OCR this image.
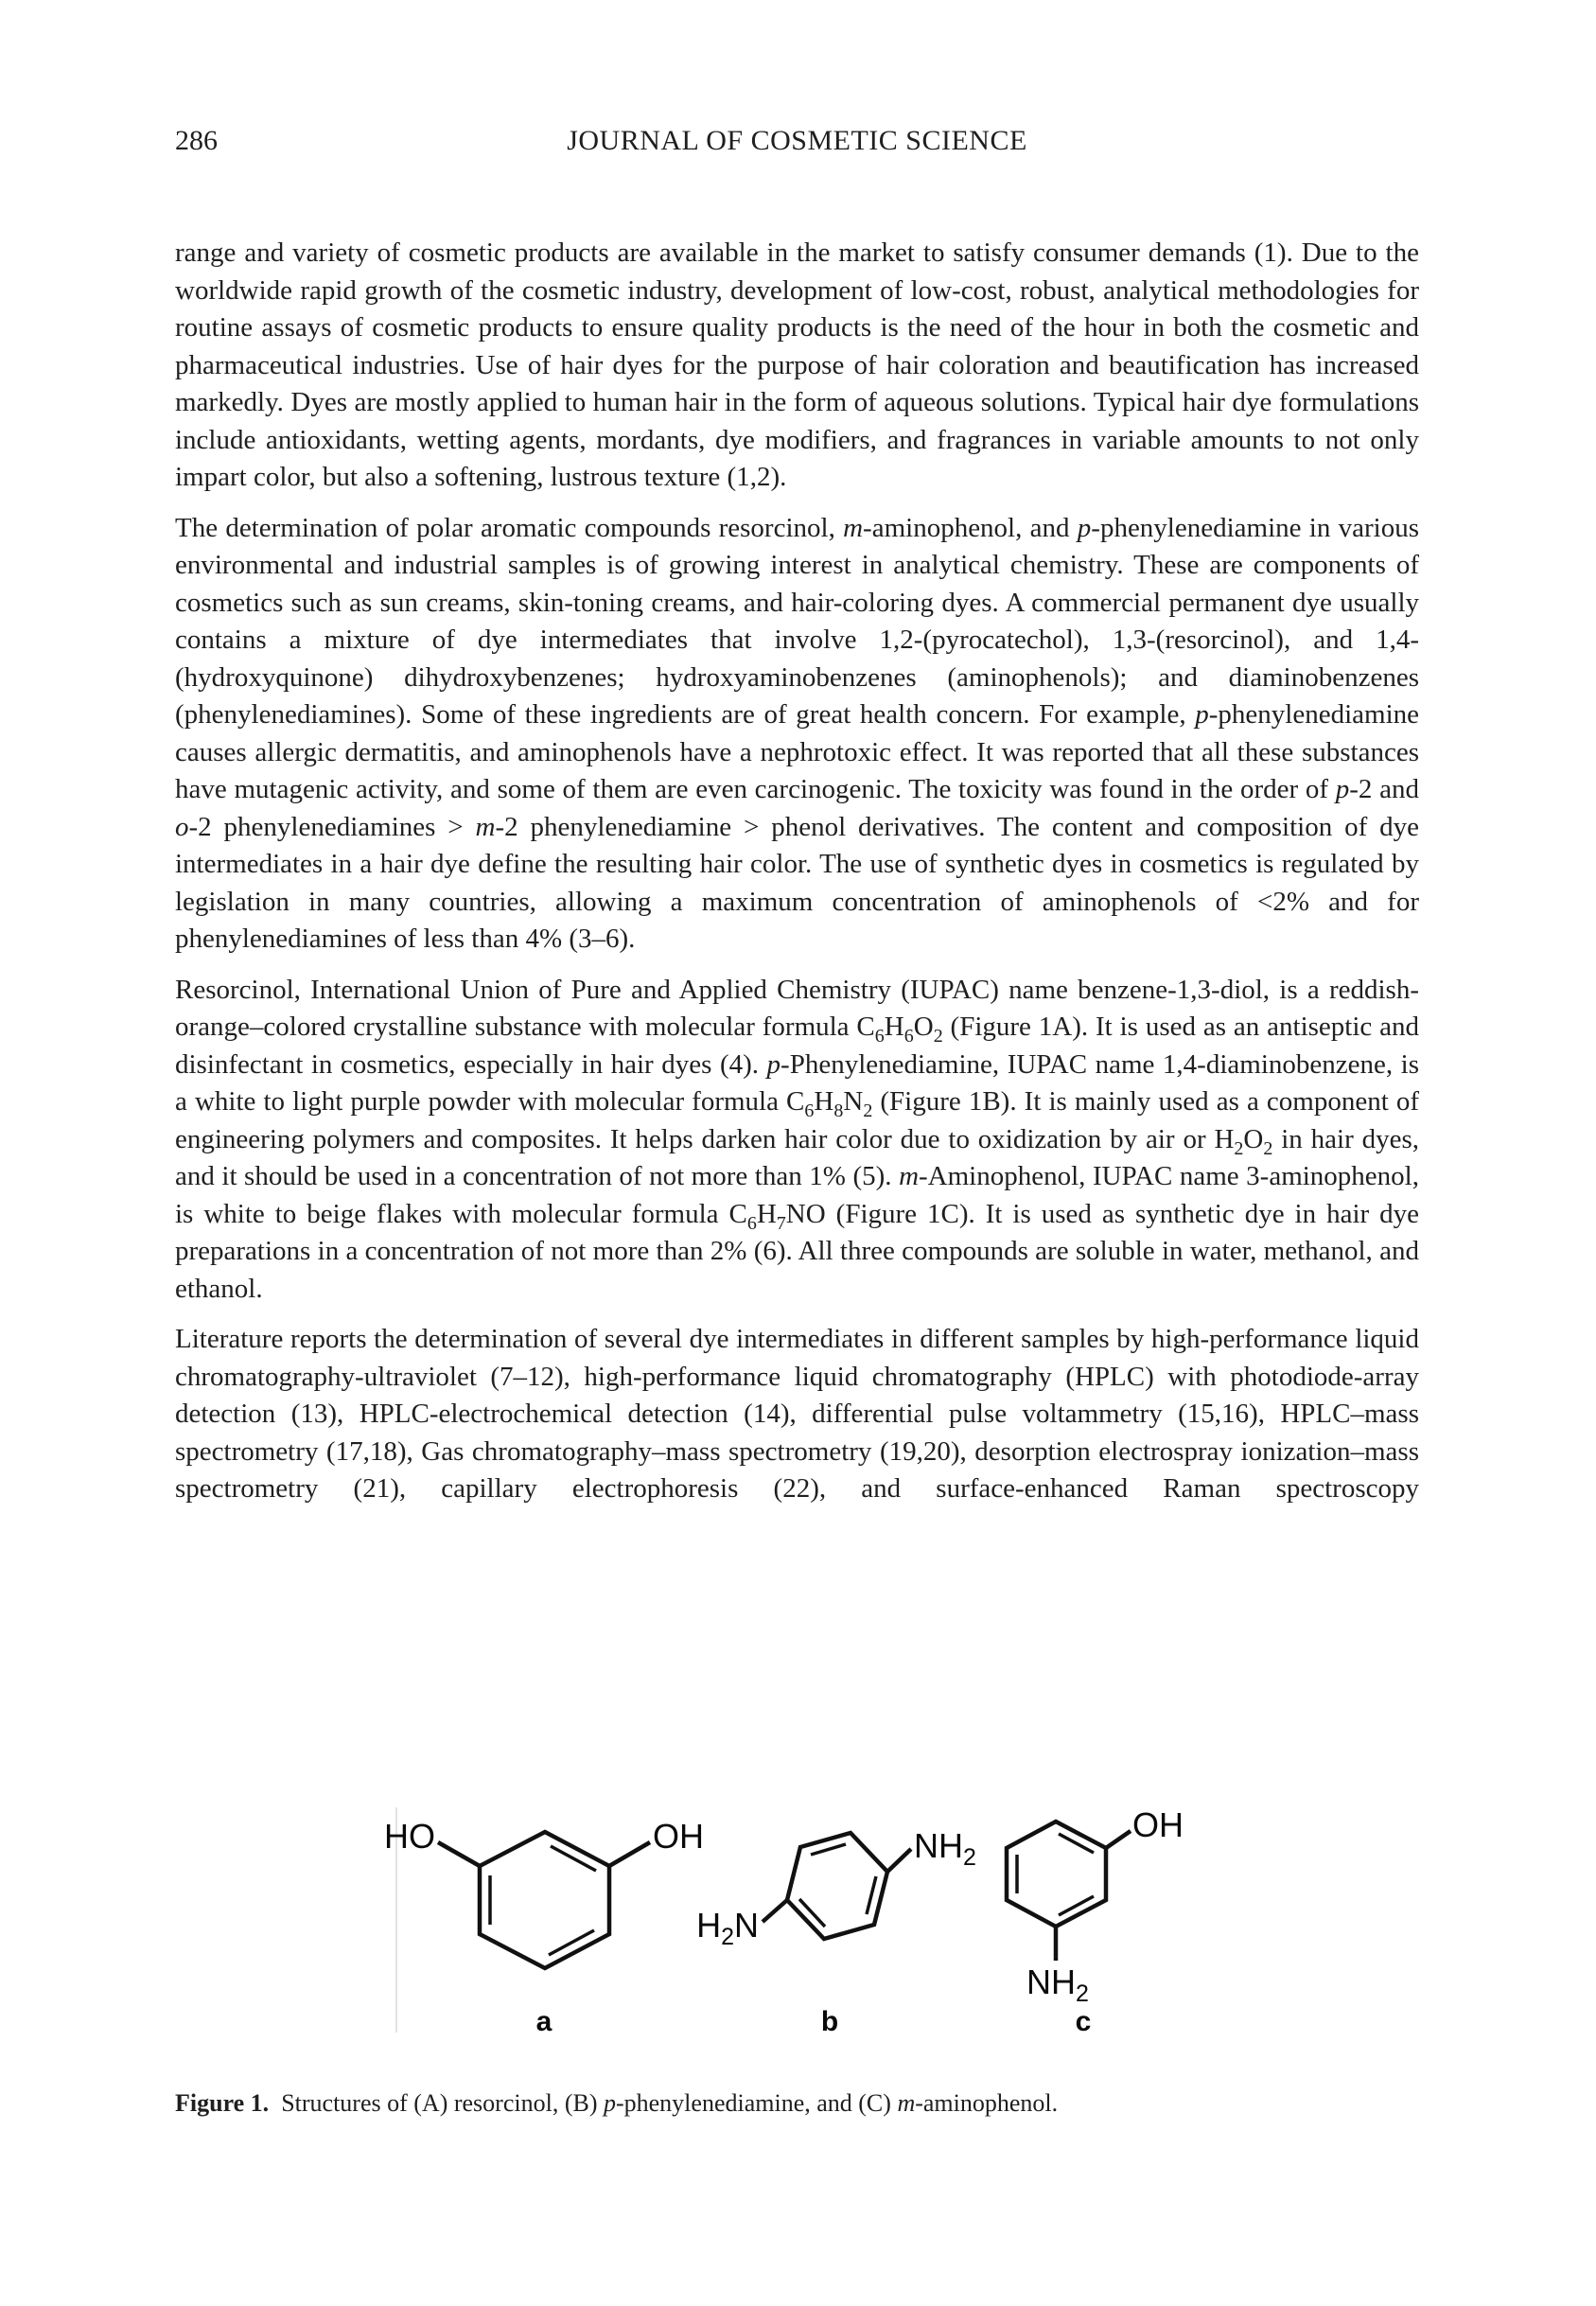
286	JOURNAL OF COSMETIC SCIENCE

range and variety of cosmetic products are available in the market to satisfy consumer demands (1). Due to the worldwide rapid growth of the cosmetic industry, development of low-cost, robust, analytical methodologies for routine assays of cosmetic products to ensure quality products is the need of the hour in both the cosmetic and pharmaceutical industries. Use of hair dyes for the purpose of hair coloration and beautification has increased markedly. Dyes are mostly applied to human hair in the form of aqueous solutions. Typical hair dye formulations include antioxidants, wetting agents, mordants, dye modifiers, and fragrances in variable amounts to not only impart color, but also a softening, lustrous texture (1,2).

The determination of polar aromatic compounds resorcinol, m-aminophenol, and p-phenylenediamine in various environmental and industrial samples is of growing interest in analytical chemistry. These are components of cosmetics such as sun creams, skin-toning creams, and hair-coloring dyes. A commercial permanent dye usually contains a mixture of dye intermediates that involve 1,2-(pyrocatechol), 1,3-(resorcinol), and 1,4-(hydroxyquinone) dihydroxybenzenes; hydroxyaminobenzenes (aminophenols); and diaminobenzenes (phenylenediamines). Some of these ingredients are of great health concern. For example, p-phenylenediamine causes allergic dermatitis, and aminophenols have a nephrotoxic effect. It was reported that all these substances have mutagenic activity, and some of them are even carcinogenic. The toxicity was found in the order of p-2 and o-2 phenylenediamines > m-2 phenylenediamine > phenol derivatives. The content and composition of dye intermediates in a hair dye define the resulting hair color. The use of synthetic dyes in cosmetics is regulated by legislation in many countries, allowing a maximum concentration of aminophenols of <2% and for phenylenediamines of less than 4% (3–6).

Resorcinol, International Union of Pure and Applied Chemistry (IUPAC) name benzene-1,3-diol, is a reddish-orange–colored crystalline substance with molecular formula $C_6H_6O_2$ (Figure 1A). It is used as an antiseptic and disinfectant in cosmetics, especially in hair dyes (4). p-Phenylenediamine, IUPAC name 1,4-diaminobenzene, is a white to light purple powder with molecular formula $C_6H_8N_2$ (Figure 1B). It is mainly used as a component of engineering polymers and composites. It helps darken hair color due to oxidization by air or $H_2O_2$ in hair dyes, and it should be used in a concentration of not more than 1% (5). m-Aminophenol, IUPAC name 3-aminophenol, is white to beige flakes with molecular formula $C_6H_7NO$ (Figure 1C). It is used as synthetic dye in hair dye preparations in a concentration of not more than 2% (6). All three compounds are soluble in water, methanol, and ethanol.

Literature reports the determination of several dye intermediates in different samples by high-performance liquid chromatography-ultraviolet (7–12), high-performance liquid chromatography (HPLC) with photodiode-array detection (13), HPLC-electrochemical detection (14), differential pulse voltammetry (15,16), HPLC–mass spectrometry (17,18), Gas chromatography–mass spectrometry (19,20), desorption electrospray ionization–mass spectrometry (21), capillary electrophoresis (22), and surface-enhanced Raman spectroscopy

HO	OH	$NH_2$
$H_2N$
OH
$NH_2$
a	b	c

Figure 1. Structures of (A) resorcinol, (B) p-phenylenediamine, and (C) m-aminophenol.
